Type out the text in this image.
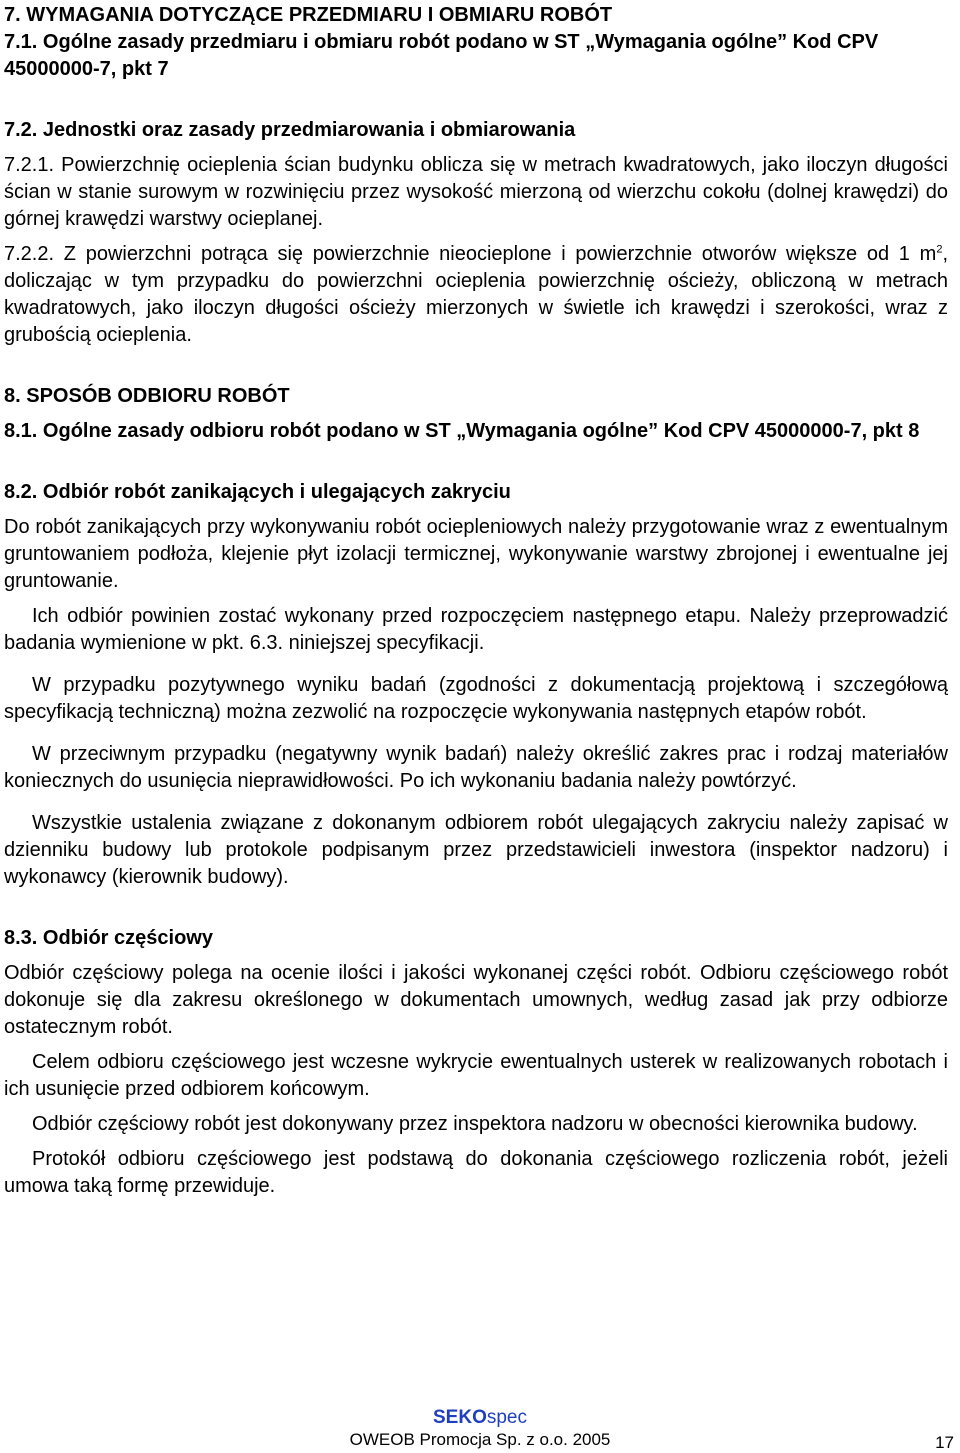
7. WYMAGANIA DOTYCZĄCE PRZEDMIARU I OBMIARU ROBÓT

7.1. Ogólne zasady przedmiaru i obmiaru robót podano w ST „Wymagania ogólne” Kod CPV 45000000-7, pkt 7

7.2. Jednostki oraz zasady przedmiarowania i obmiarowania

7.2.1. Powierzchnię ocieplenia ścian budynku oblicza się w metrach kwadratowych, jako iloczyn długości ścian w stanie surowym w rozwinięciu przez wysokość mierzoną od wierzchu cokołu (dolnej krawędzi) do górnej krawędzi warstwy ocieplanej.

7.2.2. Z powierzchni potrąca się powierzchnie nieocieplone i powierzchnie otworów większe od 1 $m^2$, doliczając w tym przypadku do powierzchni ocieplenia powierzchnię ościeży, obliczoną w metrach kwadratowych, jako iloczyn długości ościeży mierzonych w świetle ich krawędzi i szerokości, wraz z grubością ocieplenia.

8. SPOSÓB ODBIORU ROBÓT

8.1. Ogólne zasady odbioru robót podano w ST „Wymagania ogólne” Kod CPV 45000000-7, pkt 8

8.2. Odbiór robót zanikających i ulegających zakryciu

Do robót zanikających przy wykonywaniu robót ociepleniowych należy przygotowanie wraz z ewentualnym gruntowaniem podłoża, klejenie płyt izolacji termicznej, wykonywanie warstwy zbrojonej i ewentualne jej gruntowanie.

Ich odbiór powinien zostać wykonany przed rozpoczęciem następnego etapu. Należy przeprowadzić badania wymienione w pkt. 6.3. niniejszej specyfikacji.

W przypadku pozytywnego wyniku badań (zgodności z dokumentacją projektową i szczegółową specyfikacją techniczną) można zezwolić na rozpoczęcie wykonywania następnych etapów robót.

W przeciwnym przypadku (negatywny wynik badań) należy określić zakres prac i rodzaj materiałów koniecznych do usunięcia nieprawidłowości. Po ich wykonaniu badania należy powtórzyć.

Wszystkie ustalenia związane z dokonanym odbiorem robót ulegających zakryciu należy zapisać w dzienniku budowy lub protokole podpisanym przez przedstawicieli inwestora (inspektor nadzoru) i wykonawcy (kierownik budowy).

8.3. Odbiór częściowy

Odbiór częściowy polega na ocenie ilości i jakości wykonanej części robót. Odbioru częściowego robót dokonuje się dla zakresu określonego w dokumentach umownych, według zasad jak przy odbiorze ostatecznym robót.

Celem odbioru częściowego jest wczesne wykrycie ewentualnych usterek w realizowanych robotach i ich usunięcie przed odbiorem końcowym.

Odbiór częściowy robót jest dokonywany przez inspektora nadzoru w obecności kierownika budowy.

Protokół odbioru częściowego jest podstawą do dokonania częściowego rozliczenia robót, jeżeli umowa taką formę przewiduje.

SEKOspec
OWEOB Promocja Sp. z o.o. 2005	17
